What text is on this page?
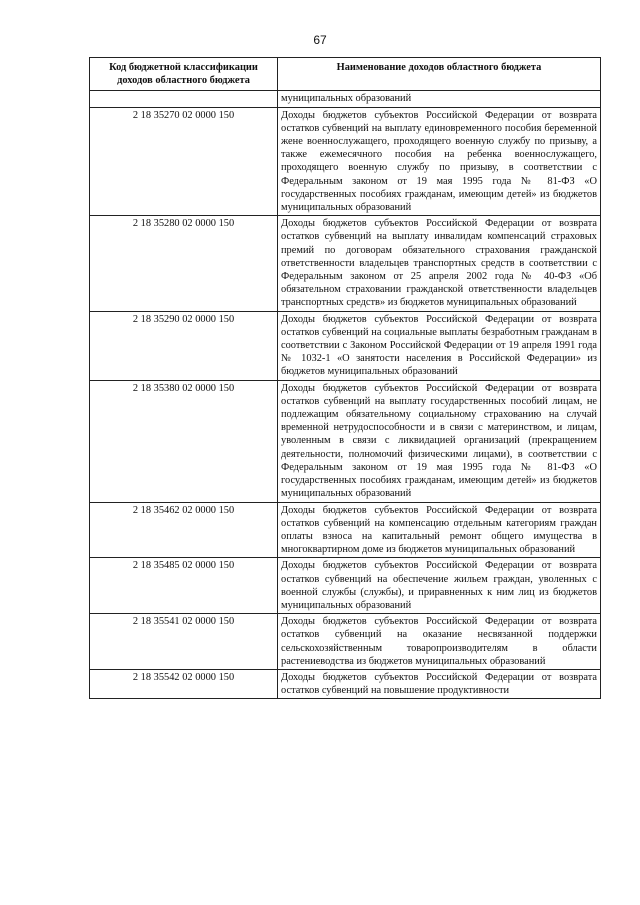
67
Код бюджетной классификации доходов областного бюджета	Наименование доходов областного бюджета
	муниципальных образований
2 18 35270 02 0000 150	Доходы бюджетов субъектов Российской Федерации от возврата остатков субвенций на выплату единовременного пособия беременной жене военнослужащего, проходящего военную службу по призыву, а также ежемесячного пособия на ребенка военнослужащего, проходящего военную службу по призыву, в соответствии с Федеральным законом от 19 мая 1995 года № 81-ФЗ «О государственных пособиях гражданам, имеющим детей» из бюджетов муниципальных образований
2 18 35280 02 0000 150	Доходы бюджетов субъектов Российской Федерации от возврата остатков субвенций на выплату инвалидам компенсаций страховых премий по договорам обязательного страхования гражданской ответственности владельцев транспортных средств в соответствии с Федеральным законом от 25 апреля 2002 года № 40-ФЗ «Об обязательном страховании гражданской ответственности владельцев транспортных средств» из бюджетов муниципальных образований
2 18 35290 02 0000 150	Доходы бюджетов субъектов Российской Федерации от возврата остатков субвенций на социальные выплаты безработным гражданам в соответствии с Законом Российской Федерации от 19 апреля 1991 года № 1032-1 «О занятости населения в Российской Федерации» из бюджетов муниципальных образований
2 18 35380 02 0000 150	Доходы бюджетов субъектов Российской Федерации от возврата остатков субвенций на выплату государственных пособий лицам, не подлежащим обязательному социальному страхованию на случай временной нетрудоспособности и в связи с материнством, и лицам, уволенным в связи с ликвидацией организаций (прекращением деятельности, полномочий физическими лицами), в соответствии с Федеральным законом от 19 мая 1995 года № 81-ФЗ «О государственных пособиях гражданам, имеющим детей» из бюджетов муниципальных образований
2 18 35462 02 0000 150	Доходы бюджетов субъектов Российской Федерации от возврата остатков субвенций на компенсацию отдельным категориям граждан оплаты взноса на капитальный ремонт общего имущества в многоквартирном доме из бюджетов муниципальных образований
2 18 35485 02 0000 150	Доходы бюджетов субъектов Российской Федерации от возврата остатков субвенций на обеспечение жильем граждан, уволенных с военной службы (службы), и приравненных к ним лиц из бюджетов муниципальных образований
2 18 35541 02 0000 150	Доходы бюджетов субъектов Российской Федерации от возврата остатков субвенций на оказание несвязанной поддержки сельскохозяйственным товаропроизводителям в области растениеводства из бюджетов муниципальных образований
2 18 35542 02 0000 150	Доходы бюджетов субъектов Российской Федерации от возврата остатков субвенций на повышение продуктивности
